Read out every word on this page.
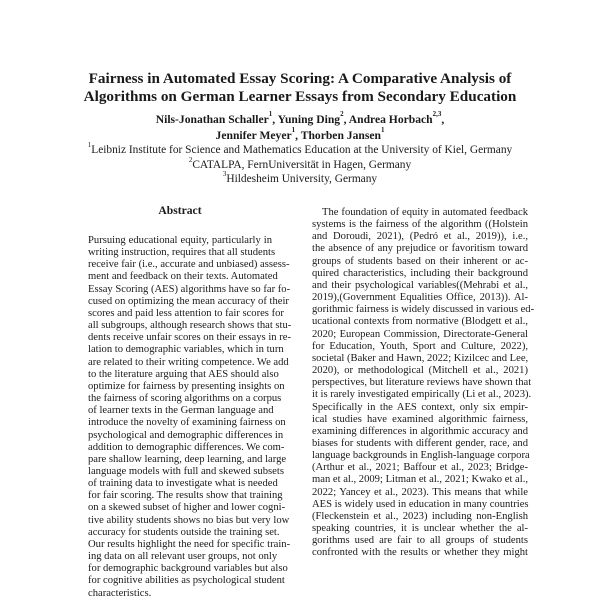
Fairness in Automated Essay Scoring: A Comparative Analysis of
Algorithms on German Learner Essays from Secondary Education
Nils-Jonathan Schaller$^1$, Yuning Ding$^2$, Andrea Horbach$^{2,3}$,
Jennifer Meyer$^1$, Thorben Jansen$^1$
$^1$Leibniz Institute for Science and Mathematics Education at the University of Kiel, Germany
$^2$CATALPA, FernUniversität in Hagen, Germany
$^3$Hildesheim University, Germany
Abstract
Pursuing educational equity, particularly in
writing instruction, requires that all students
receive fair (i.e., accurate and unbiased) assess-
ment and feedback on their texts. Automated
Essay Scoring (AES) algorithms have so far fo-
cused on optimizing the mean accuracy of their
scores and paid less attention to fair scores for
all subgroups, although research shows that stu-
dents receive unfair scores on their essays in re-
lation to demographic variables, which in turn
are related to their writing competence. We add
to the literature arguing that AES should also
optimize for fairness by presenting insights on
the fairness of scoring algorithms on a corpus
of learner texts in the German language and
introduce the novelty of examining fairness on
psychological and demographic differences in
addition to demographic differences. We com-
pare shallow learning, deep learning, and large
language models with full and skewed subsets
of training data to investigate what is needed
for fair scoring. The results show that training
on a skewed subset of higher and lower cogni-
tive ability students shows no bias but very low
accuracy for students outside the training set.
Our results highlight the need for specific train-
ing data on all relevant user groups, not only
for demographic background variables but also
for cognitive abilities as psychological student
characteristics.
The foundation of equity in automated feedback
systems is the fairness of the algorithm ((Holstein
and Doroudi, 2021), (Pedró et al., 2019)), i.e.,
the absence of any prejudice or favoritism toward
groups of students based on their inherent or ac-
quired characteristics, including their background
and their psychological variables((Mehrabi et al.,
2019),(Government Equalities Office, 2013)). Al-
gorithmic fairness is widely discussed in various ed-
ucational contexts from normative (Blodgett et al.,
2020; European Commission, Directorate-General
for Education, Youth, Sport and Culture, 2022),
societal (Baker and Hawn, 2022; Kizilcec and Lee,
2020), or methodological (Mitchell et al., 2021)
perspectives, but literature reviews have shown that
it is rarely investigated empirically (Li et al., 2023).
Specifically in the AES context, only six empir-
ical studies have examined algorithmic fairness,
examining differences in algorithmic accuracy and
biases for students with different gender, race, and
language backgrounds in English-language corpora
(Arthur et al., 2021; Baffour et al., 2023; Bridge-
man et al., 2009; Litman et al., 2021; Kwako et al.,
2022; Yancey et al., 2023). This means that while
AES is widely used in education in many countries
(Fleckenstein et al., 2023) including non-English
speaking countries, it is unclear whether the al-
gorithms used are fair to all groups of students
confronted with the results or whether they might
